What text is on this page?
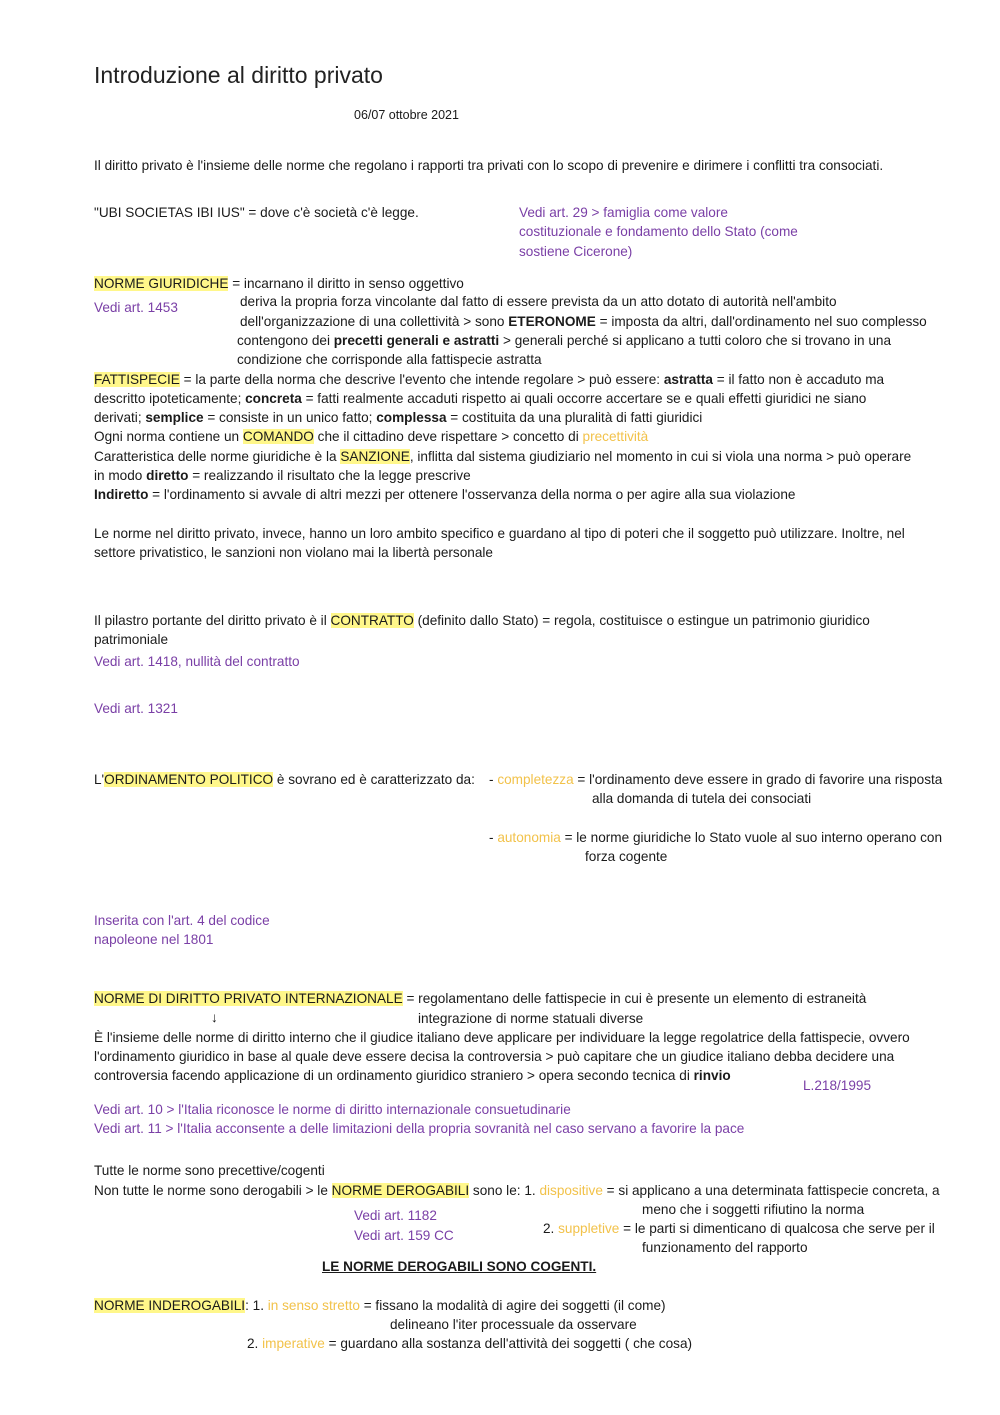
Introduzione al diritto privato
06/07 ottobre 2021
Il diritto privato è l'insieme delle norme che regolano i rapporti tra privati con lo scopo di prevenire e dirimere i conflitti tra consociati.
"UBI SOCIETAS IBI IUS" = dove c'è società c'è legge.	Vedi art. 29 > famiglia come valore
costituzionale e fondamento dello Stato (come
sostiene Cicerone)
NORME GIURIDICHE = incarnano il diritto in senso oggettivo
Vedi art. 1453	deriva la propria forza vincolante dal fatto di essere prevista da un atto dotato di autorità nell'ambito
dell'organizzazione di una collettività > sono ETERONOME = imposta da altri, dall'ordinamento nel suo complesso
contengono dei precetti generali e astratti > generali perché si applicano a tutti coloro che si trovano in una
condizione che corrisponde alla fattispecie astratta
FATTISPECIE = la parte della norma che descrive l'evento che intende regolare > può essere: astratta = il fatto non è accaduto ma
descritto ipoteticamente; concreta = fatti realmente accaduti rispetto ai quali occorre accertare se e quali effetti giuridici ne siano
derivati; semplice = consiste in un unico fatto; complessa = costituita da una pluralità di fatti giuridici
Ogni norma contiene un COMANDO che il cittadino deve rispettare > concetto di precettività
Caratteristica delle norme giuridiche è la SANZIONE, inflitta dal sistema giudiziario nel momento in cui si viola una norma > può operare
in modo diretto = realizzando il risultato che la legge prescrive
Indiretto = l'ordinamento si avvale di altri mezzi per ottenere l'osservanza della norma o per agire alla sua violazione
Le norme nel diritto privato, invece, hanno un loro ambito specifico e guardano al tipo di poteri che il soggetto può utilizzare. Inoltre, nel
settore privatistico, le sanzioni non violano mai la libertà personale
Il pilastro portante del diritto privato è il CONTRATTO (definito dallo Stato) = regola, costituisce o estingue un patrimonio giuridico
patrimoniale
Vedi art. 1418, nullità del contratto
Vedi art. 1321
L'ORDINAMENTO POLITICO è sovrano ed è caratterizzato da: - completezza = l'ordinamento deve essere in grado di favorire una risposta
alla domanda di tutela dei consociati
- autonomia = le norme giuridiche lo Stato vuole al suo interno operano con
forza cogente
Inserita con l'art. 4 del codice
napoleone nel 1801
NORME DI DIRITTO PRIVATO INTERNAZIONALE = regolamentano delle fattispecie in cui è presente un elemento di estraneità
↓	integrazione di norme statuali diverse
È l'insieme delle norme di diritto interno che il giudice italiano deve applicare per individuare la legge regolatrice della fattispecie, ovvero
l'ordinamento giuridico in base al quale deve essere decisa la controversia > può capitare che un giudice italiano debba decidere una
controversia facendo applicazione di un ordinamento giuridico straniero > opera secondo tecnica di rinvio
L.218/1995
Vedi art. 10 > l'Italia riconosce le norme di diritto internazionale consuetudinarie
Vedi art. 11 > l'Italia acconsente a delle limitazioni della propria sovranità nel caso servano a favorire la pace
Tutte le norme sono precettive/cogenti
Non tutte le norme sono derogabili > le NORME DEROGABILI sono le: 1. dispositive = si applicano a una determinata fattispecie concreta, a
meno che i soggetti rifiutino la norma
Vedi art. 1182
Vedi art. 159 CC	2. suppletive = le parti si dimenticano di qualcosa che serve per il
funzionamento del rapporto
LE NORME DEROGABILI SONO COGENTI.
NORME INDEROGABILI: 1. in senso stretto = fissano la modalità di agire dei soggetti (il come)
delineano l'iter processuale da osservare
2. imperative = guardano alla sostanza dell'attività dei soggetti ( che cosa)
